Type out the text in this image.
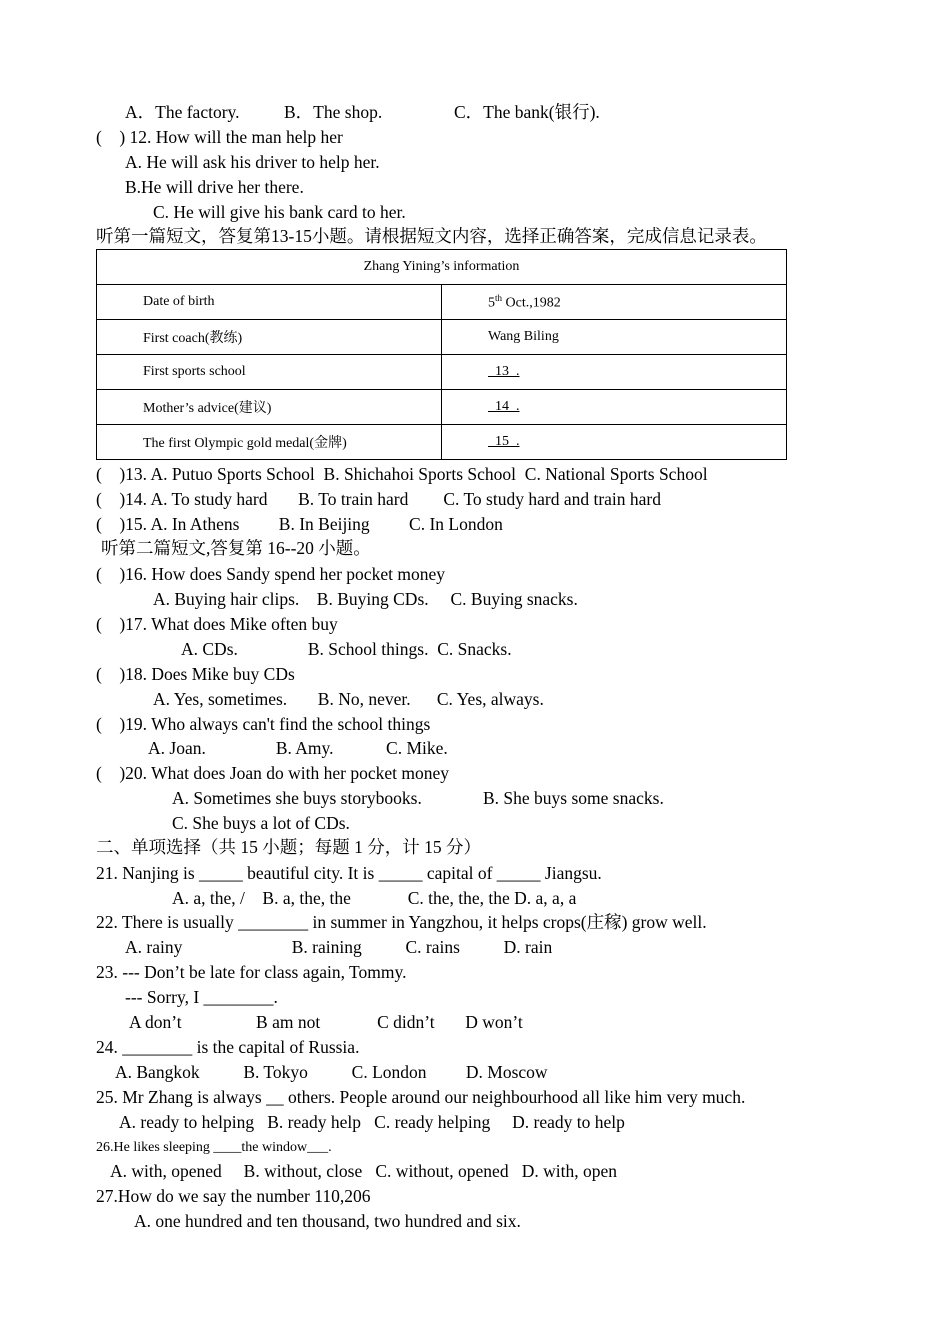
A．The factory.	B．The shop.	C．The bank(银行).
(    ) 12. How will the man help her
A. He will ask his driver to help her.
B.He will drive her there.
C. He will give his bank card to her.
听第一篇短文，答复第13-15小题。请根据短文内容，选择正确答案，完成信息记录表。
Zhang Yining’s information	
Date of birth	5th Oct.,1982
First coach(教练)	Wang Biling
First sports school	13  .
Mother’s advice(建议)	14  .
The first Olympic gold medal(金牌)	15  .
(    )13. A. Putuo Sports School  B. Shichahoi Sports School  C. National Sports School
(    )14. A. To study hard       B. To train hard        C. To study hard and train hard
(    )15. A. In Athens         B. In Beijing         C. In London
听第二篇短文,答复第 16--20 小题。
(    )16. How does Sandy spend her pocket money
A. Buying hair clips.    B. Buying CDs.     C. Buying snacks.
(    )17. What does Mike often buy
A. CDs.                B. School things.  C. Snacks.
(    )18. Does Mike buy CDs
A. Yes, sometimes.       B. No, never.      C. Yes, always.
(    )19. Who always can't find the school things
A. Joan.                B. Amy.            C. Mike.
(    )20. What does Joan do with her pocket money
A. Sometimes she buys storybooks.	B. She buys some snacks.
C. She buys a lot of CDs.
二、单项选择（共 15 小题；每题 1 分，计 15 分）
21. Nanjing is _____ beautiful city. It is _____ capital of _____ Jiangsu.
A. a, the, /    B. a, the, the             C. the, the, the D. a, a, a
22. There is usually ________ in summer in Yangzhou, it helps crops(庄稼) grow well.
A. rainy                         B. raining          C. rains          D. rain
23. --- Don’t be late for class again, Tommy.
--- Sorry, I ________.
A don’t                 B am not             C didn’t       D won’t
24. ________ is the capital of Russia.
A. Bangkok          B. Tokyo          C. London         D. Moscow
25. Mr Zhang is always __ others. People around our neighbourhood all like him very much.
A. ready to helping   B. ready help   C. ready helping     D. ready to help
26.He likes sleeping ____the window___.
A. with, opened     B. without, close   C. without, opened   D. with, open
27.How do we say the number 110,206
A. one hundred and ten thousand, two hundred and six.
